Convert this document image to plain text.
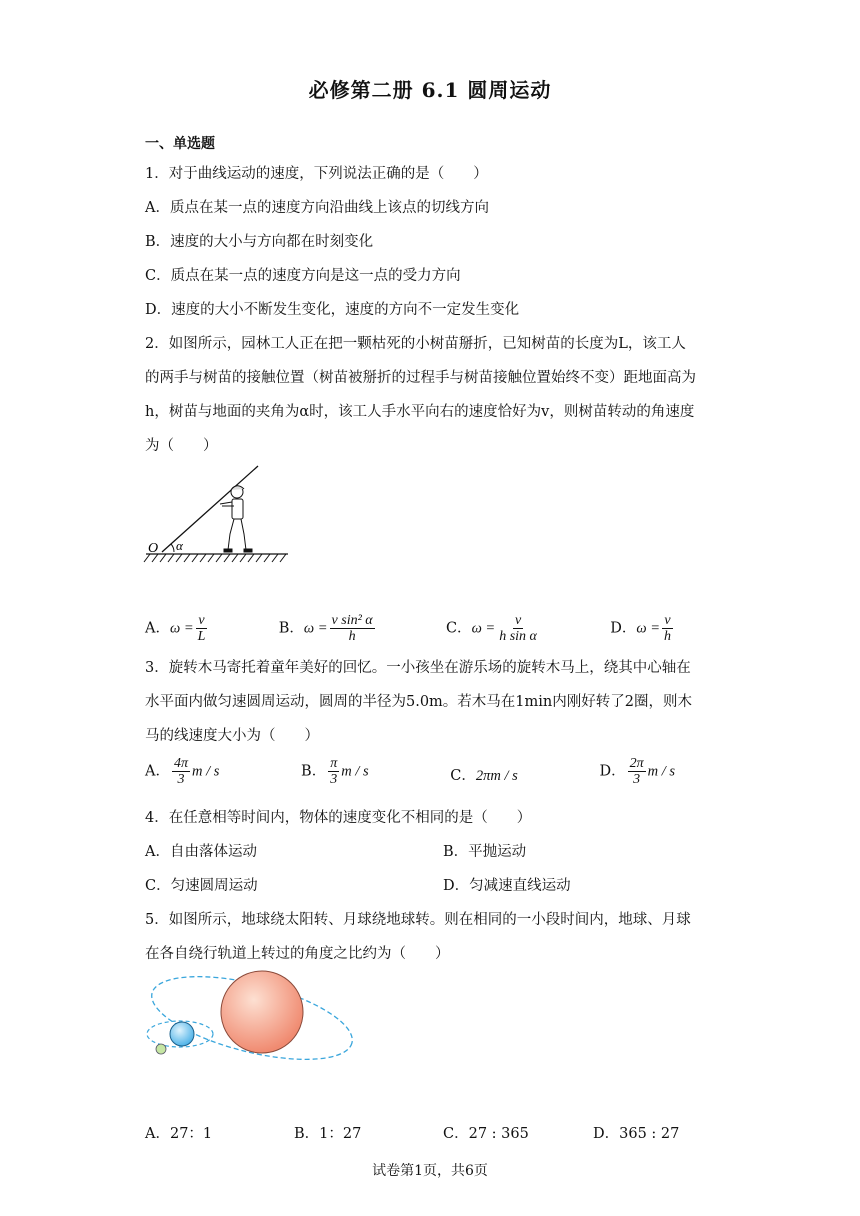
必修第二册 6.1 圆周运动
一、单选题
1．对于曲线运动的速度，下列说法正确的是（　　）
A．质点在某一点的速度方向沿曲线上该点的切线方向
B．速度的大小与方向都在时刻变化
C．质点在某一点的速度方向是这一点的受力方向
D．速度的大小不断发生变化，速度的方向不一定发生变化
2．如图所示，园林工人正在把一颗枯死的小树苗掰折，已知树苗的长度为L，该工人
的两手与树苗的接触位置（树苗被掰折的过程手与树苗接触位置始终不变）距地面高为
h，树苗与地面的夹角为α时，该工人手水平向右的速度恰好为v，则树苗转动的角速度
为（　　）
O α
A．$\omega = \frac{v}{L}$	B．$\omega = \frac{\text{v sin² α}}{h}$	C．$\omega = \frac{v}{\text{h sin α}}$	D．$\omega = \frac{v}{h}$
3．旋转木马寄托着童年美好的回忆。一小孩坐在游乐场的旋转木马上，绕其中心轴在
水平面内做匀速圆周运动，圆周的半径为5.0m。若木马在1min内刚好转了2圈，则木
马的线速度大小为（　　）
A． $\frac{4\pi}{3}$ m / s	B． $\frac{\pi}{3}$ m / s	C．2πm / s	D． $\frac{2\pi}{3}$ m / s
4．在任意相等时间内，物体的速度变化不相同的是（　　）
A．自由落体运动	B．平抛运动
C．匀速圆周运动	D．匀减速直线运动
5．如图所示，地球绕太阳转、月球绕地球转。则在相同的一小段时间内，地球、月球
在各自绕行轨道上转过的角度之比约为（　　）
A．27：1	B．1：27	C．27 : 365	D．365 : 27
试卷第1页，共6页
